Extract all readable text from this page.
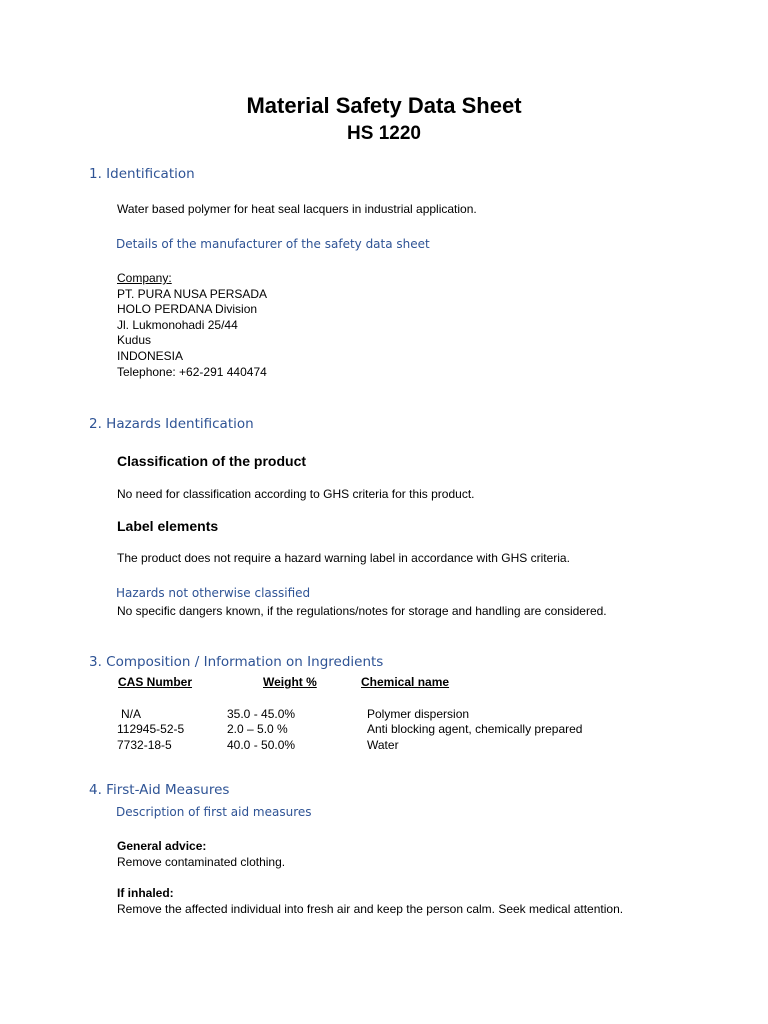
Material Safety Data Sheet
HS 1220
1. Identification
Water based polymer for heat seal lacquers in industrial application.
Details of the manufacturer of the safety data sheet
Company:
PT. PURA NUSA PERSADA
HOLO PERDANA Division
Jl. Lukmonohadi 25/44
Kudus
INDONESIA
Telephone: +62-291 440474
2. Hazards Identification
Classification of the product
No need for classification according to GHS criteria for this product.
Label elements
The product does not require a hazard warning label in accordance with GHS criteria.
Hazards not otherwise classified
No specific dangers known, if the regulations/notes for storage and handling are considered.
3. Composition / Information on Ingredients
CAS Number	Weight %	Chemical name
N/A	35.0 - 45.0%	Polymer dispersion
112945-52-5	2.0 – 5.0 %	Anti blocking agent, chemically prepared
7732-18-5	40.0 - 50.0%	Water
4. First-Aid Measures
Description of first aid measures
General advice:
Remove contaminated clothing.
If inhaled:
Remove the affected individual into fresh air and keep the person calm. Seek medical attention.
